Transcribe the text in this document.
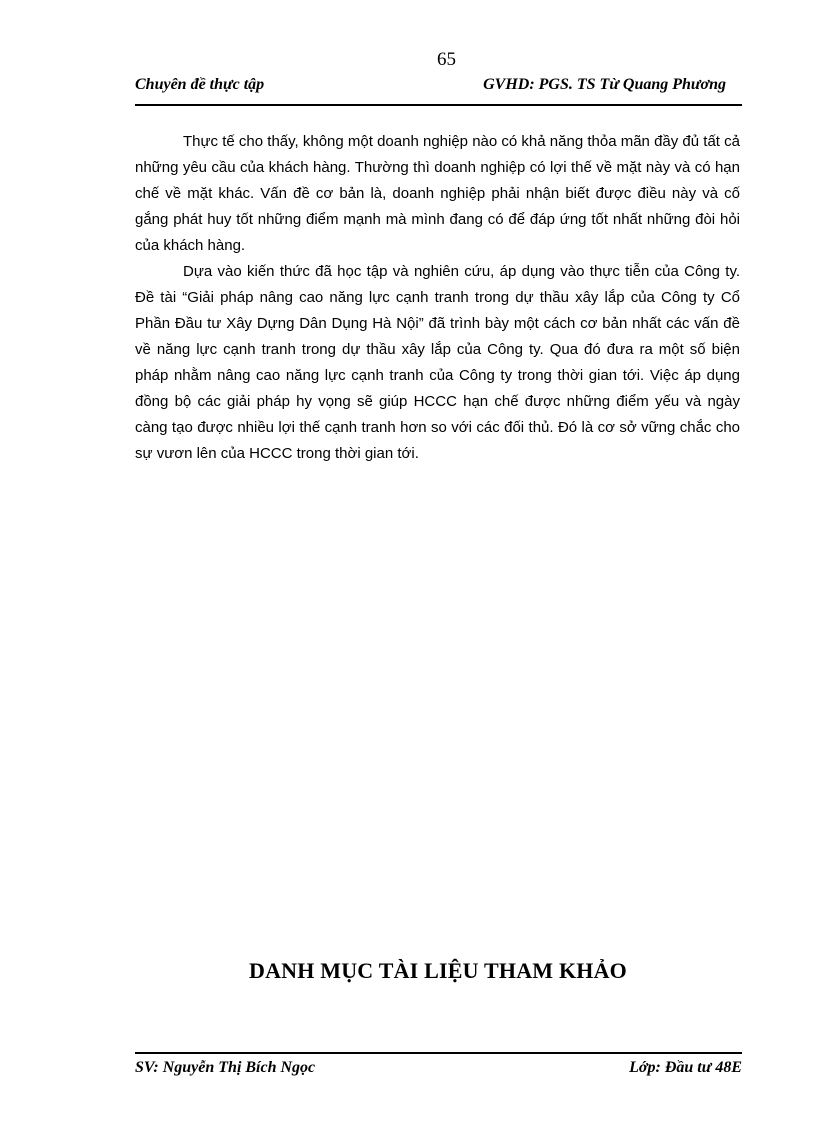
65
Chuyên đề thực tập	GVHD: PGS. TS Từ Quang Phương

Thực tế cho thấy, không một doanh nghiệp nào có khả năng thỏa mãn đầy đủ tất cả những yêu cầu của khách hàng. Thường thì doanh nghiệp có lợi thế về mặt này và có hạn chế về mặt khác. Vấn đề cơ bản là, doanh nghiệp phải nhận biết được điều này và cố gắng phát huy tốt những điểm mạnh mà mình đang có để đáp ứng tốt nhất những đòi hỏi của khách hàng.

Dựa vào kiến thức đã học tập và nghiên cứu, áp dụng vào thực tiễn của Công ty. Đề tài “Giải pháp nâng cao năng lực cạnh tranh trong dự thầu xây lắp của Công ty Cổ Phần Đầu tư Xây Dựng Dân Dụng Hà Nội” đã trình bày một cách cơ bản nhất các vấn đề về năng lực cạnh tranh trong dự thầu xây lắp của Công ty. Qua đó đưa ra một số biện pháp nhằm nâng cao năng lực cạnh tranh của Công ty trong thời gian tới. Việc áp dụng đồng bộ các giải pháp hy vọng sẽ giúp HCCC hạn chế được những điểm yếu và ngày càng tạo được nhiều lợi thế cạnh tranh hơn so với các đối thủ. Đó là cơ sở vững chắc cho sự vươn lên của HCCC trong thời gian tới.

DANH MỤC TÀI LIỆU THAM KHẢO
SV: Nguyễn Thị Bích Ngọc	Lớp: Đầu tư 48E
